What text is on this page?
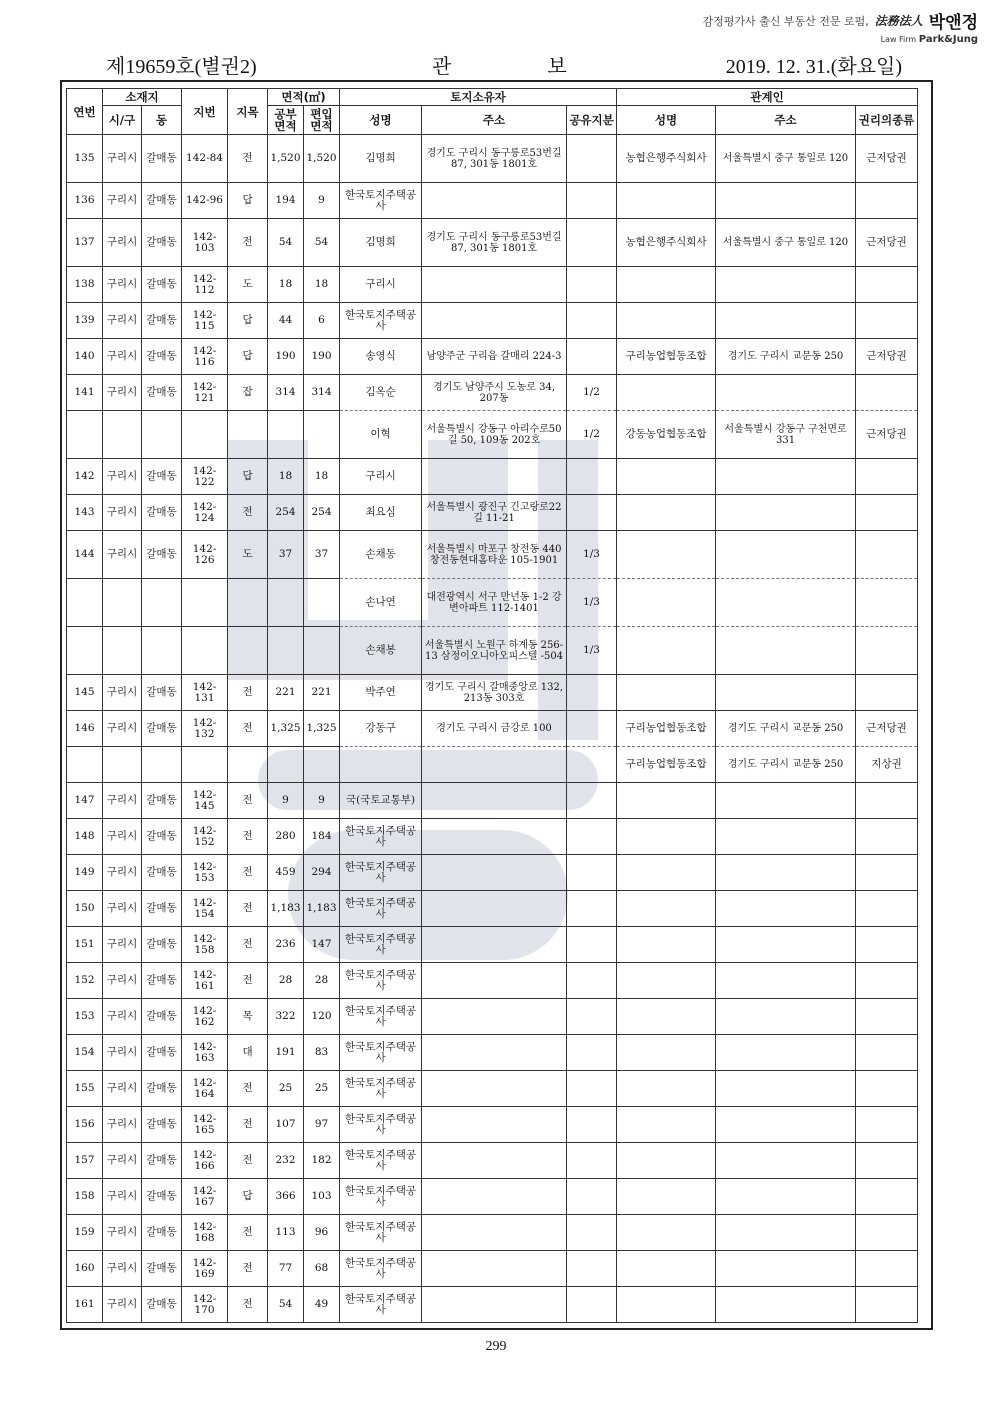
감정평가사 출신 부동산 전문 로펌, 法務法人 박앤정
Law Firm Park&Jung
제19659호(별권2)	관보	2019. 12. 31.(화요일)
연번	소재지		지번	지목	면적(㎡)		토지소유자			관계인		
	시/구	동			공부면적	편입면적	성명	주소	공유지분	성명	주소	권리의종류
135	구리시	갈매동	142-84	전	1,520	1,520	김명희	경기도 구리시 동구릉로53번길 87, 301동 1801호		농협은행주식회사	서울특별시 중구 통일로 120	근저당권
136	구리시	갈매동	142-96	답	194	9	한국토지주택공사					
137	구리시	갈매동	142-103	전	54	54	김명희	경기도 구리시 동구릉로53번길 87, 301동 1801호		농협은행주식회사	서울특별시 중구 통일로 120	근저당권
138	구리시	갈매동	142-112	도	18	18	구리시					
139	구리시	갈매동	142-115	답	44	6	한국토지주택공사					
140	구리시	갈매동	142-116	답	190	190	송영식	남양주군 구리읍 갈매리 224-3		구리농업협동조합	경기도 구리시 교문동 250	근저당권
141	구리시	갈매동	142-121	잡	314	314	김옥순	경기도 남양주시 도농로 34, 207동	1/2			
							이혁	서울특별시 강동구 아리수로50길 50, 109동 202호	1/2	강동농업협동조합	서울특별시 강동구 구천면로 331	근저당권
142	구리시	갈매동	142-122	답	18	18	구리시					
143	구리시	갈매동	142-124	전	254	254	최요심	서울특별시 광진구 긴고랑로22길 11-21				
144	구리시	갈매동	142-126	도	37	37	손채동	서울특별시 마포구 창전동 440 창전동현대홈타운 105-1901	1/3			
							손나연	대전광역시 서구 만년동 1-2 강변아파트 112-1401	1/3			
							손채봉	서울특별시 노원구 하계동 256-13 삼정이오니아오피스텔 -504	1/3			
145	구리시	갈매동	142-131	전	221	221	박주연	경기도 구리시 갈매중앙로 132, 213동 303호				
146	구리시	갈매동	142-132	전	1,325	1,325	강동구	경기도 구리시 금강로 100		구리농업협동조합	경기도 구리시 교문동 250	근저당권
										구리농업협동조합	경기도 구리시 교문동 250	지상권
147	구리시	갈매동	142-145	전	9	9	국(국토교통부)					
148	구리시	갈매동	142-152	전	280	184	한국토지주택공사					
149	구리시	갈매동	142-153	전	459	294	한국토지주택공사					
150	구리시	갈매동	142-154	전	1,183	1,183	한국토지주택공사					
151	구리시	갈매동	142-158	전	236	147	한국토지주택공사					
152	구리시	갈매동	142-161	전	28	28	한국토지주택공사					
153	구리시	갈매동	142-162	목	322	120	한국토지주택공사					
154	구리시	갈매동	142-163	대	191	83	한국토지주택공사					
155	구리시	갈매동	142-164	전	25	25	한국토지주택공사					
156	구리시	갈매동	142-165	전	107	97	한국토지주택공사					
157	구리시	갈매동	142-166	전	232	182	한국토지주택공사					
158	구리시	갈매동	142-167	답	366	103	한국토지주택공사					
159	구리시	갈매동	142-168	전	113	96	한국토지주택공사					
160	구리시	갈매동	142-169	전	77	68	한국토지주택공사					
161	구리시	갈매동	142-170	전	54	49	한국토지주택공사					
299
